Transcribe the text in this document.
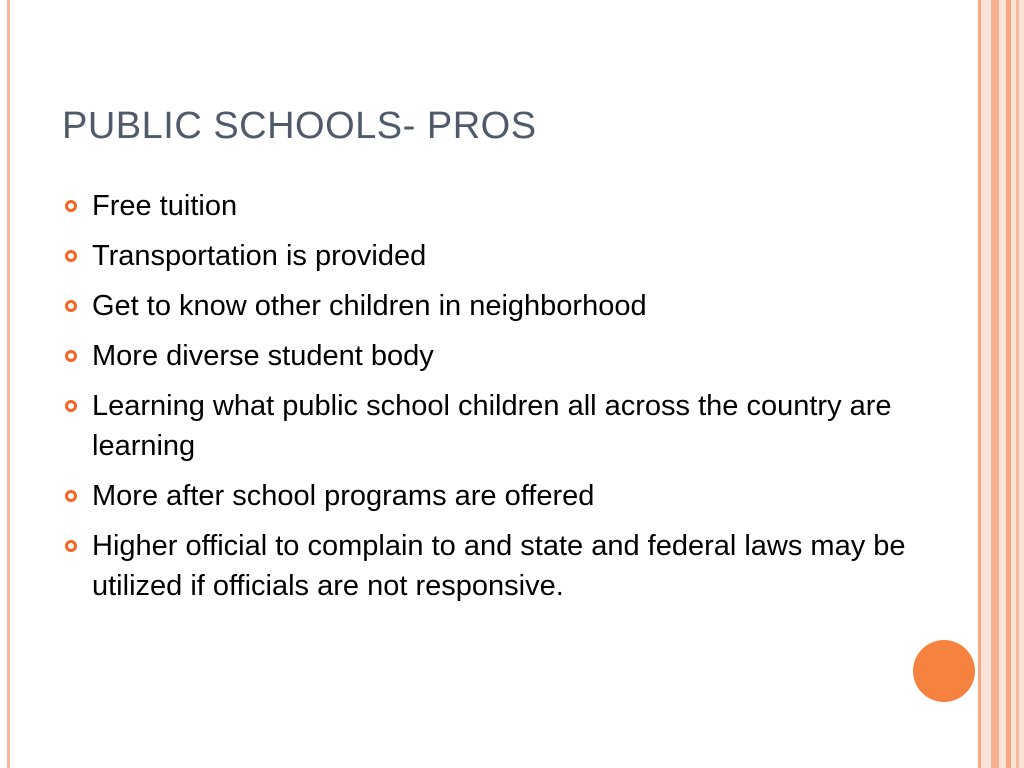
PUBLIC SCHOOLS- PROS
Free tuition
Transportation is provided
Get to know other children in neighborhood
More diverse student body
Learning what public school children all across the country are learning
More after school programs are offered
Higher official to complain to and state and federal laws may be utilized if officials are not responsive.
